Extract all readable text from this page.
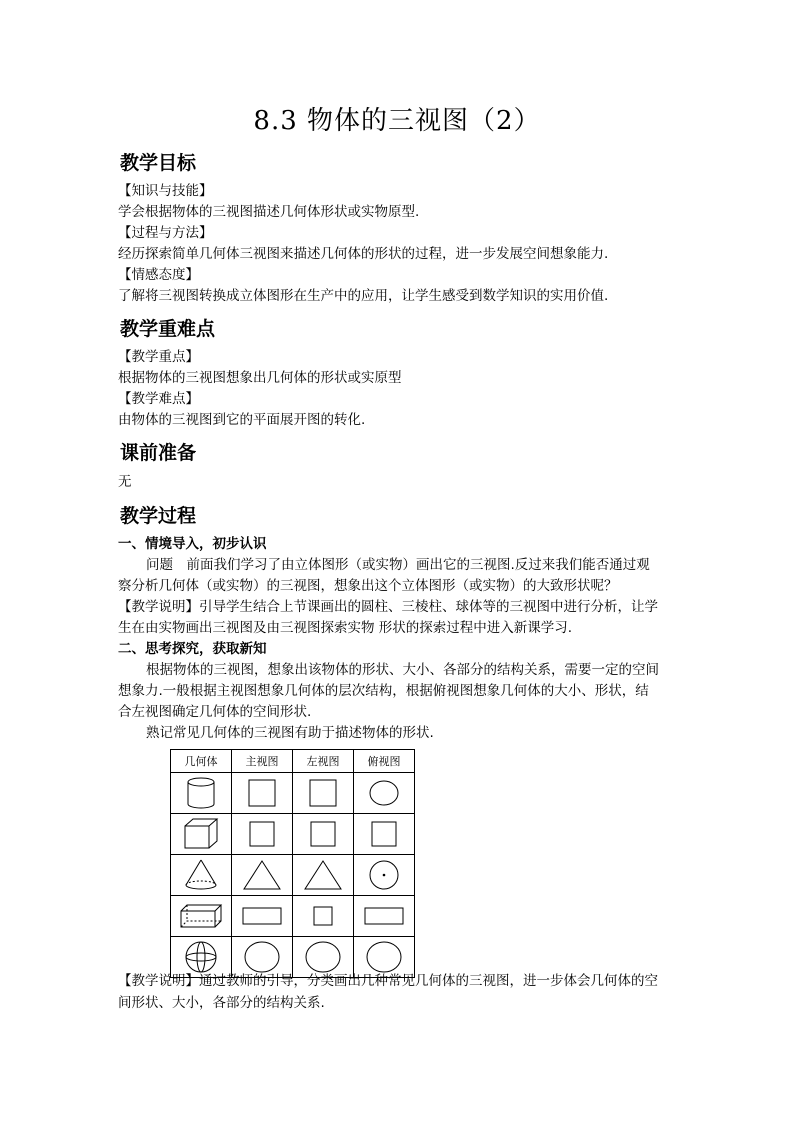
8.3 物体的三视图（2）
教学目标
【知识与技能】
学会根据物体的三视图描述几何体形状或实物原型.
【过程与方法】
经历探索简单几何体三视图来描述几何体的形状的过程，进一步发展空间想象能力.
【情感态度】
了解将三视图转换成立体图形在生产中的应用，让学生感受到数学知识的实用价值.
教学重难点
【教学重点】
根据物体的三视图想象出几何体的形状或实原型
【教学难点】
由物体的三视图到它的平面展开图的转化.
课前准备
无
教学过程
一、情境导入，初步认识
问题　前面我们学习了由立体图形（或实物）画出它的三视图.反过来我们能否通过观
察分析几何体（或实物）的三视图，想象出这个立体图形（或实物）的大致形状呢？
【教学说明】引导学生结合上节课画出的圆柱、三棱柱、球体等的三视图中进行分析，让学
生在由实物画出三视图及由三视图探索实物 形状的探索过程中进入新课学习.
二、思考探究，获取新知
根据物体的三视图，想象出该物体的形状、大小、各部分的结构关系，需要一定的空间
想象力.一般根据主视图想象几何体的层次结构，根据俯视图想象几何体的大小、形状，结
合左视图确定几何体的空间形状.
熟记常见几何体的三视图有助于描述物体的形状.
几何体	主视图	左视图	俯视图

【教学说明】通过教师的引导，分类画出几种常见几何体的三视图，进一步体会几何体的空
间形状、大小，各部分的结构关系.
